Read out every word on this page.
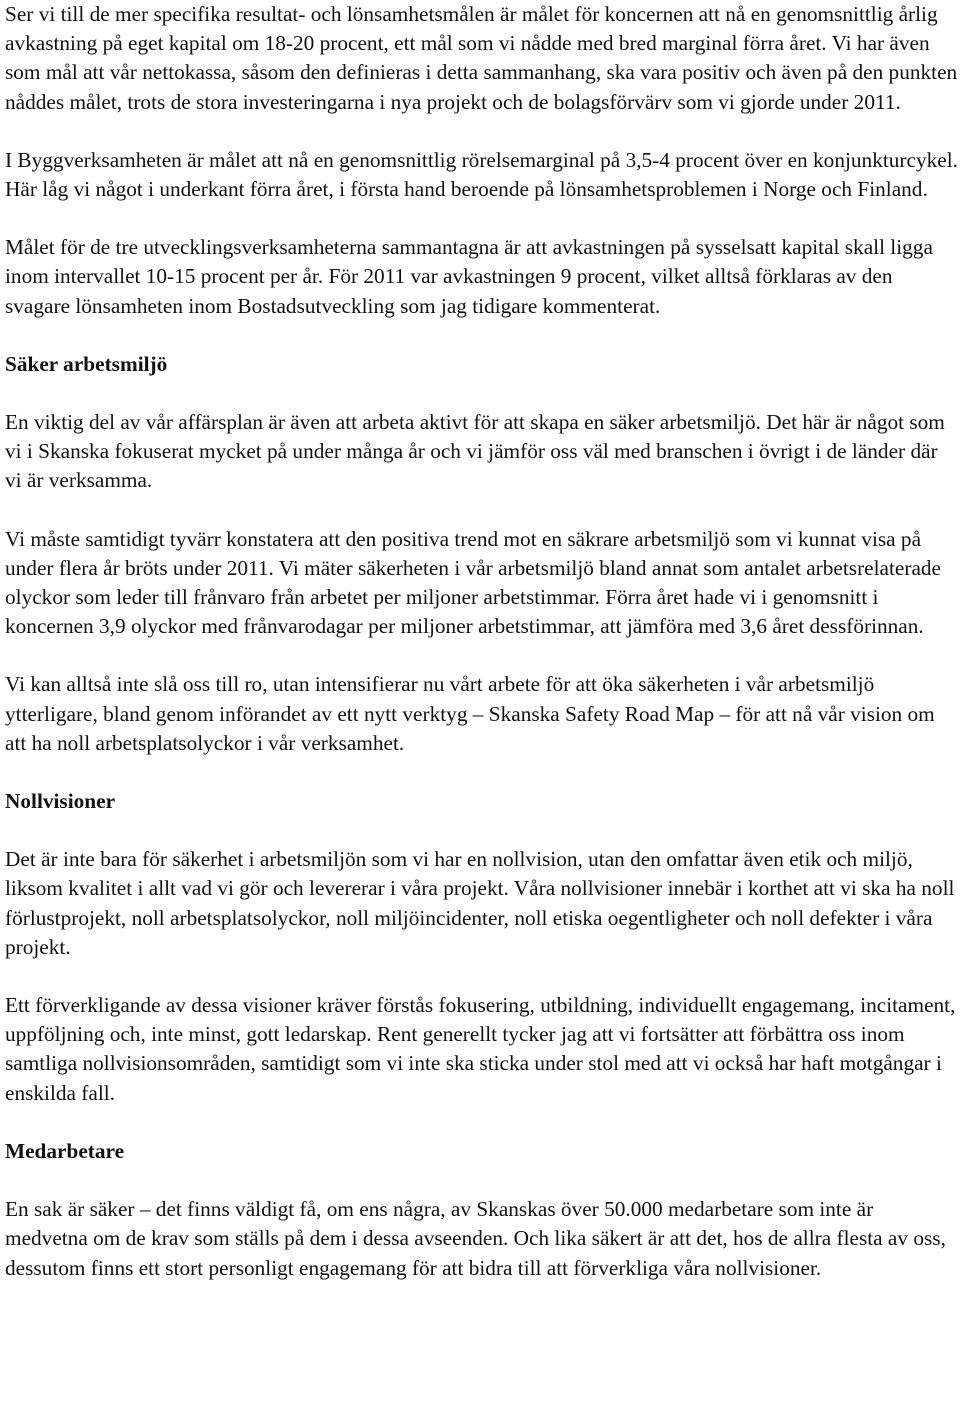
Ser vi till de mer specifika resultat- och lönsamhetsmålen är målet för koncernen att nå en genomsnittlig årlig avkastning på eget kapital om 18-20 procent, ett mål som vi nådde med bred marginal förra året. Vi har även som mål att vår nettokassa, såsom den definieras i detta sammanhang, ska vara positiv och även på den punkten nåddes målet, trots de stora investeringarna i nya projekt och de bolagsförvärv som vi gjorde under 2011.

I Byggverksamheten är målet att nå en genomsnittlig rörelsemarginal på 3,5-4 procent över en konjunkturcykel. Här låg vi något i underkant förra året, i första hand beroende på lönsamhetsproblemen i Norge och Finland.

Målet för de tre utvecklingsverksamheterna sammantagna är att avkastningen på sysselsatt kapital skall ligga inom intervallet 10-15 procent per år. För 2011 var avkastningen 9 procent, vilket alltså förklaras av den svagare lönsamheten inom Bostadsutveckling som jag tidigare kommenterat.

Säker arbetsmiljö

En viktig del av vår affärsplan är även att arbeta aktivt för att skapa en säker arbetsmiljö. Det här är något som vi i Skanska fokuserat mycket på under många år och vi jämför oss väl med branschen i övrigt i de länder där vi är verksamma.

Vi måste samtidigt tyvärr konstatera att den positiva trend mot en säkrare arbetsmiljö som vi kunnat visa på under flera år bröts under 2011. Vi mäter säkerheten i vår arbetsmiljö bland annat som antalet arbetsrelaterade olyckor som leder till frånvaro från arbetet per miljoner arbetstimmar. Förra året hade vi i genomsnitt i koncernen 3,9 olyckor med frånvarodagar per miljoner arbetstimmar, att jämföra med 3,6 året dessförinnan.

Vi kan alltså inte slå oss till ro, utan intensifierar nu vårt arbete för att öka säkerheten i vår arbetsmiljö ytterligare, bland genom införandet av ett nytt verktyg – Skanska Safety Road Map – för att nå vår vision om att ha noll arbetsplatsolyckor i vår verksamhet.

Nollvisioner

Det är inte bara för säkerhet i arbetsmiljön som vi har en nollvision, utan den omfattar även etik och miljö, liksom kvalitet i allt vad vi gör och levererar i våra projekt. Våra nollvisioner innebär i korthet att vi ska ha noll förlustprojekt, noll arbetsplatsolyckor, noll miljöincidenter, noll etiska oegentligheter och noll defekter i våra projekt.

Ett förverkligande av dessa visioner kräver förstås fokusering, utbildning, individuellt engagemang, incitament, uppföljning och, inte minst, gott ledarskap. Rent generellt tycker jag att vi fortsätter att förbättra oss inom samtliga nollvisionsområden, samtidigt som vi inte ska sticka under stol med att vi också har haft motgångar i enskilda fall.

Medarbetare

En sak är säker – det finns väldigt få, om ens några, av Skanskas över 50.000 medarbetare som inte är medvetna om de krav som ställs på dem i dessa avseenden. Och lika säkert är att det, hos de allra flesta av oss, dessutom finns ett stort personligt engagemang för att bidra till att förverkliga våra nollvisioner.
